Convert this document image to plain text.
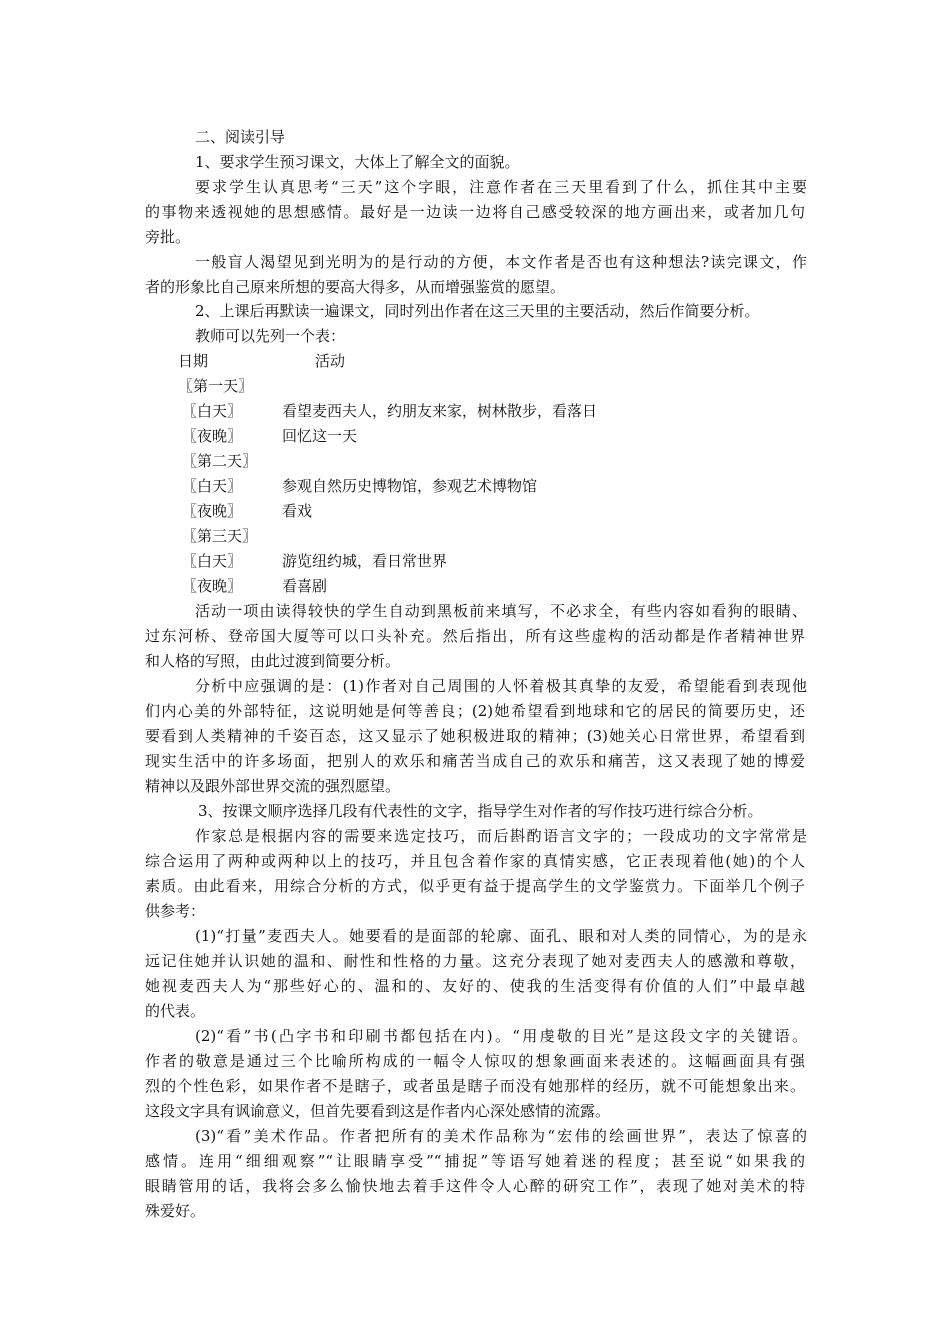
二、阅读引导
1、要求学生预习课文，大体上了解全文的面貌。
要求学生认真思考“三天”这个字眼，注意作者在三天里看到了什么，抓住其中主要
的事物来透视她的思想感情。最好是一边读一边将自己感受较深的地方画出来，或者加几句
旁批。
一般盲人渴望见到光明为的是行动的方便，本文作者是否也有这种想法?读完课文，作
者的形象比自己原来所想的要高大得多，从而增强鉴赏的愿望。
2、上课后再默读一遍课文，同时列出作者在这三天里的主要活动，然后作简要分析。
教师可以先列一个表：
日期	活动
〖第一天〗
〖白天〗	看望麦西夫人，约朋友来家，树林散步，看落日
〖夜晚〗	回忆这一天
〖第二天〗
〖白天〗	参观自然历史博物馆，参观艺术博物馆
〖夜晚〗	看戏
〖第三天〗
〖白天〗	游览纽约城，看日常世界
〖夜晚〗	看喜剧
活动一项由读得较快的学生自动到黑板前来填写，不必求全，有些内容如看狗的眼睛、
过东河桥、登帝国大厦等可以口头补充。然后指出，所有这些虚构的活动都是作者精神世界
和人格的写照，由此过渡到简要分析。
分析中应强调的是：(1)作者对自己周围的人怀着极其真挚的友爱，希望能看到表现他
们内心美的外部特征，这说明她是何等善良；(2)她希望看到地球和它的居民的简要历史，还
要看到人类精神的千姿百态，这又显示了她积极进取的精神；(3)她关心日常世界，希望看到
现实生活中的许多场面，把别人的欢乐和痛苦当成自己的欢乐和痛苦，这又表现了她的博爱
精神以及跟外部世界交流的强烈愿望。
3、按课文顺序选择几段有代表性的文字，指导学生对作者的写作技巧进行综合分析。
作家总是根据内容的需要来选定技巧，而后斟酌语言文字的；一段成功的文字常常是
综合运用了两种或两种以上的技巧，并且包含着作家的真情实感，它正表现着他(她)的个人
素质。由此看来，用综合分析的方式，似乎更有益于提高学生的文学鉴赏力。下面举几个例子
供参考：
(1)“打量”麦西夫人。她要看的是面部的轮廓、面孔、眼和对人类的同情心，为的是永
远记住她并认识她的温和、耐性和性格的力量。这充分表现了她对麦西夫人的感激和尊敬，
她视麦西夫人为“那些好心的、温和的、友好的、使我的生活变得有价值的人们”中最卓越
的代表。
(2)“看”书(凸字书和印刷书都包括在内)。“用虔敬的目光”是这段文字的关键语。
作者的敬意是通过三个比喻所构成的一幅令人惊叹的想象画面来表述的。这幅画面具有强
烈的个性色彩，如果作者不是瞎子，或者虽是瞎子而没有她那样的经历，就不可能想象出来。
这段文字具有讽谕意义，但首先要看到这是作者内心深处感情的流露。
(3)“看”美术作品。作者把所有的美术作品称为“宏伟的绘画世界”，表达了惊喜的
感情。连用“细细观察”“让眼睛享受”“捕捉”等语写她着迷的程度；甚至说“如果我的
眼睛管用的话，我将会多么愉快地去着手这件令人心醉的研究工作”，表现了她对美术的特
殊爱好。
